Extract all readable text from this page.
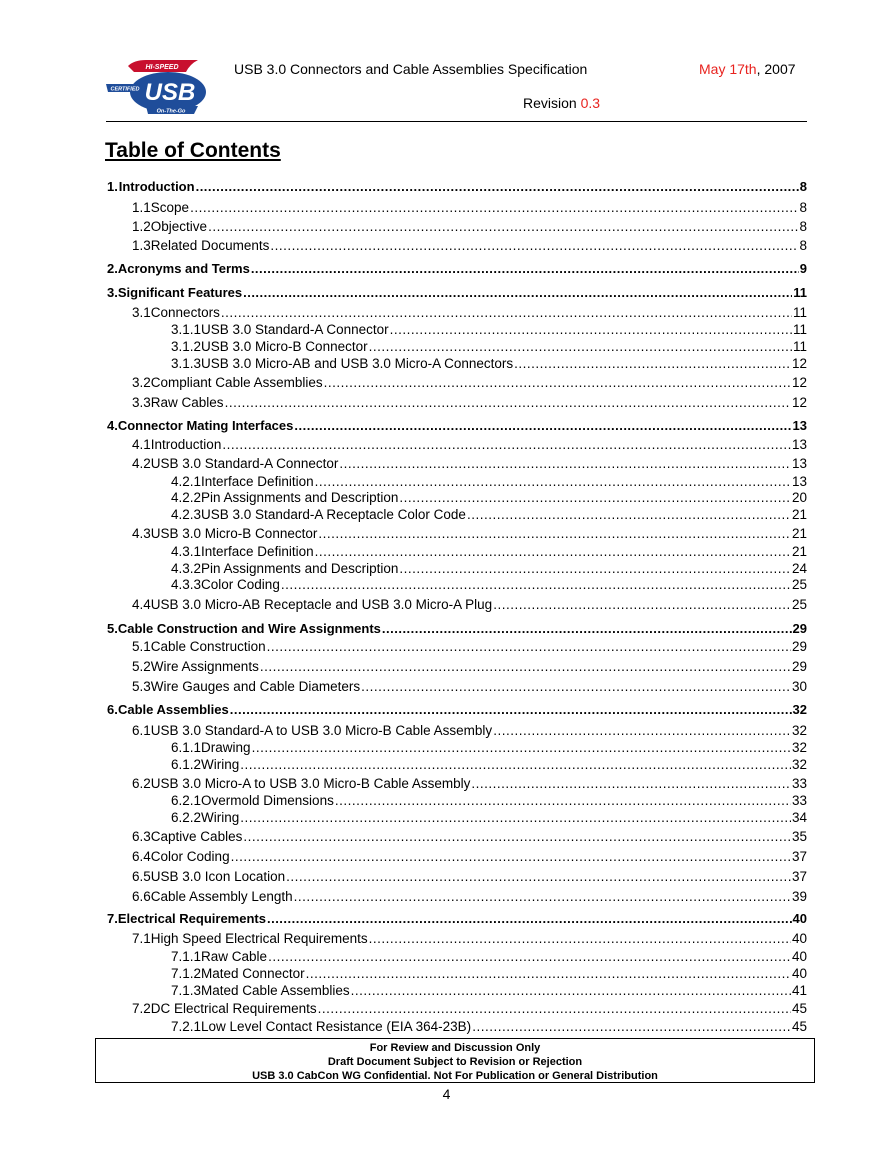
HI-SPEED
CERTIFIED USB
On-The-Go
USB 3.0 Connectors and Cable Assemblies Specification	May 17th, 2007
Revision 0.3
Table of Contents
1. Introduction .....	8
1.1 Scope .....	8
1.2 Objective .....	8
1.3 Related Documents .....	8
2. Acronyms and Terms .....	9
3. Significant Features .....	11
3.1 Connectors .....	11
3.1.1 USB 3.0 Standard-A Connector .....	11
3.1.2 USB 3.0 Micro-B Connector .....	11
3.1.3 USB 3.0 Micro-AB and USB 3.0 Micro-A Connectors .....	12
3.2 Compliant Cable Assemblies .....	12
3.3 Raw Cables .....	12
4. Connector Mating Interfaces .....	13
4.1 Introduction .....	13
4.2 USB 3.0 Standard-A Connector .....	13
4.2.1 Interface Definition .....	13
4.2.2 Pin Assignments and Description .....	20
4.2.3 USB 3.0 Standard-A Receptacle Color Code .....	21
4.3 USB 3.0 Micro-B Connector .....	21
4.3.1 Interface Definition .....	21
4.3.2 Pin Assignments and Description .....	24
4.3.3 Color Coding .....	25
4.4 USB 3.0 Micro-AB Receptacle and USB 3.0 Micro-A Plug .....	25
5. Cable Construction and Wire Assignments .....	29
5.1 Cable Construction .....	29
5.2 Wire Assignments .....	29
5.3 Wire Gauges and Cable Diameters .....	30
6. Cable Assemblies .....	32
6.1 USB 3.0 Standard-A to USB 3.0 Micro-B Cable Assembly .....	32
6.1.1 Drawing .....	32
6.1.2 Wiring .....	32
6.2 USB 3.0 Micro-A to USB 3.0 Micro-B Cable Assembly .....	33
6.2.1 Overmold Dimensions .....	33
6.2.2 Wiring .....	34
6.3 Captive Cables .....	35
6.4 Color Coding .....	37
6.5 USB 3.0 Icon Location .....	37
6.6 Cable Assembly Length .....	39
7. Electrical Requirements .....	40
7.1 High Speed Electrical Requirements .....	40
7.1.1 Raw Cable .....	40
7.1.2 Mated Connector .....	40
7.1.3 Mated Cable Assemblies .....	41
7.2 DC Electrical Requirements .....	45
7.2.1 Low Level Contact Resistance (EIA 364-23B) .....	45
For Review and Discussion Only
Draft Document Subject to Revision or Rejection
USB 3.0 CabCon WG Confidential. Not For Publication or General Distribution
4
